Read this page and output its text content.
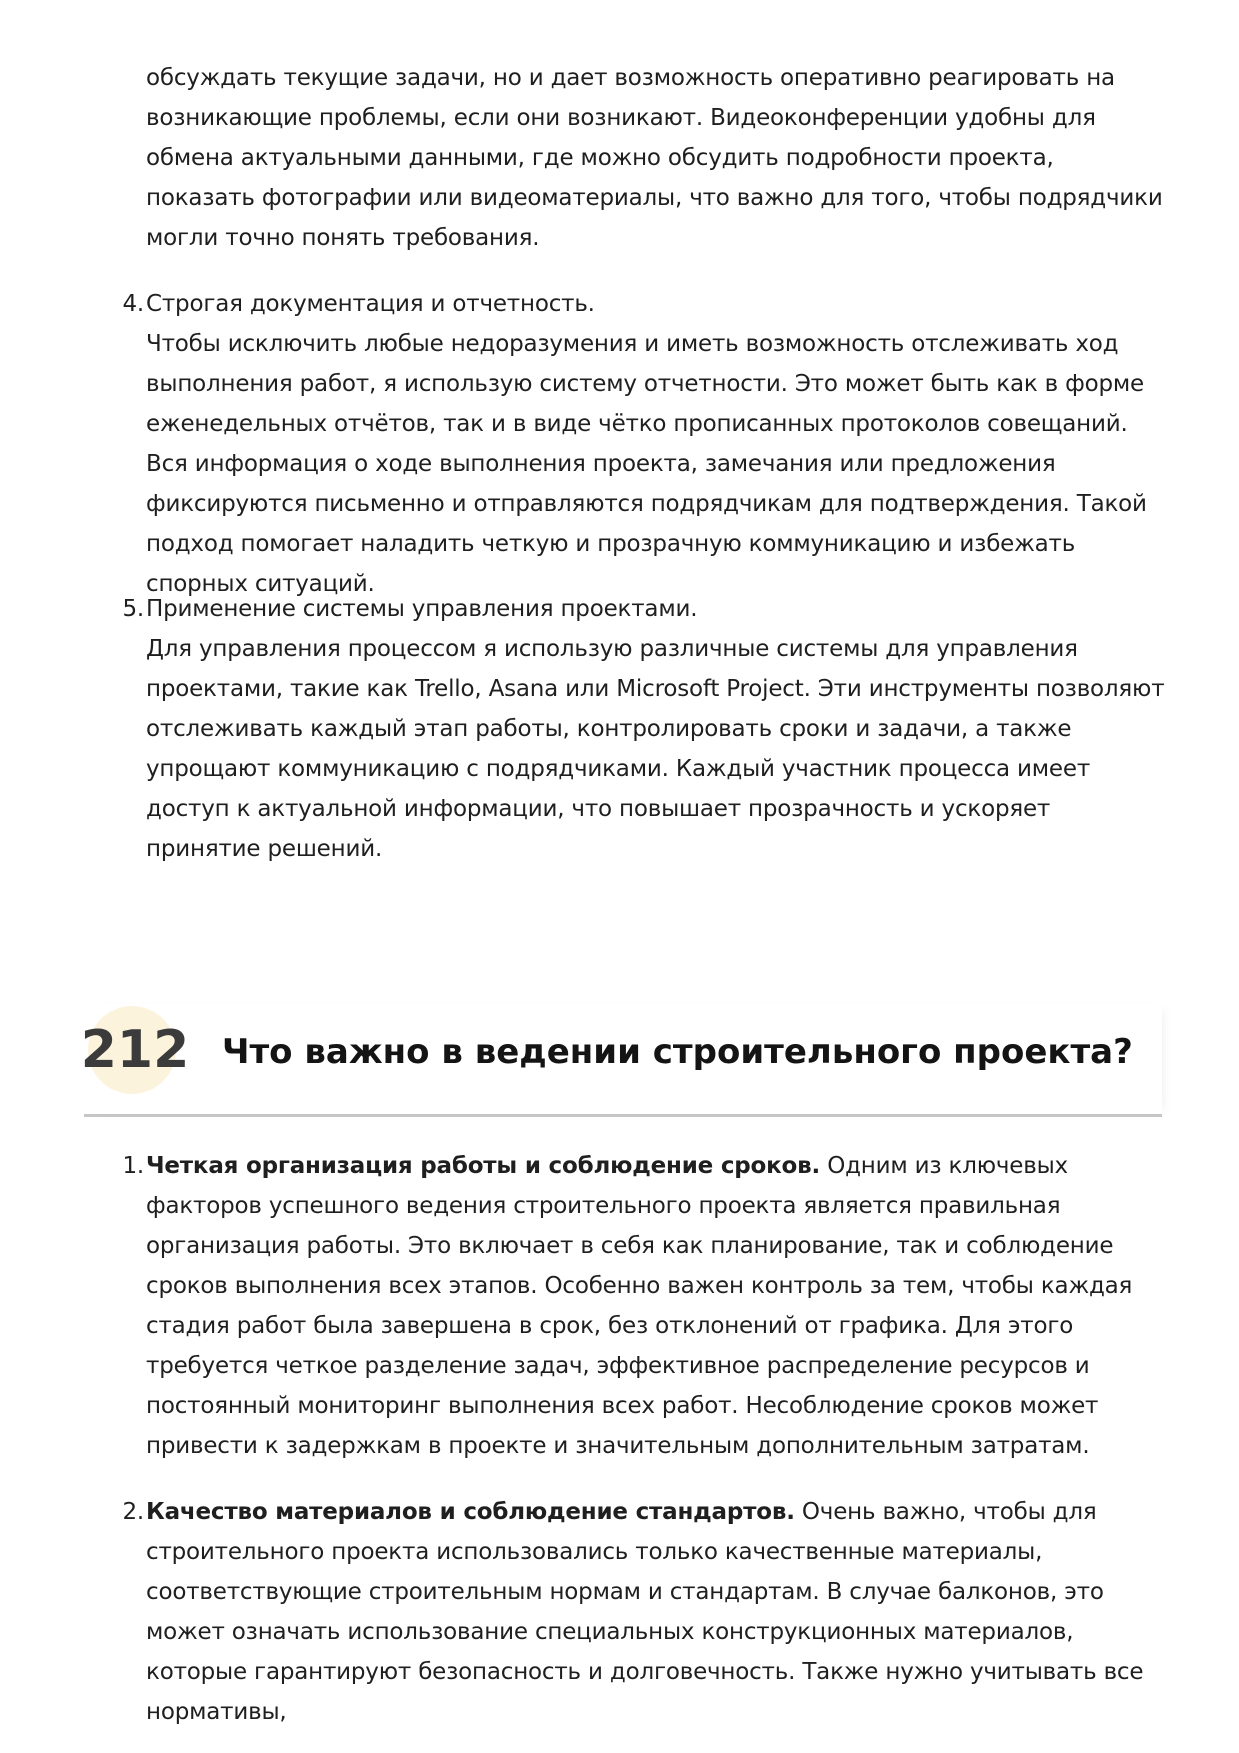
обсуждать текущие задачи, но и дает возможность оперативно реагировать на возникающие проблемы, если они возникают. Видеоконференции удобны для обмена актуальными данными, где можно обсудить подробности проекта, показать фотографии или видеоматериалы, что важно для того, чтобы подрядчики могли точно понять требования.
4. Строгая документация и отчетность.
Чтобы исключить любые недоразумения и иметь возможность отслеживать ход выполнения работ, я использую систему отчетности. Это может быть как в форме еженедельных отчётов, так и в виде чётко прописанных протоколов совещаний. Вся информация о ходе выполнения проекта, замечания или предложения фиксируются письменно и отправляются подрядчикам для подтверждения. Такой подход помогает наладить четкую и прозрачную коммуникацию и избежать спорных ситуаций.
5. Применение системы управления проектами.
Для управления процессом я использую различные системы для управления проектами, такие как Trello, Asana или Microsoft Project. Эти инструменты позволяют отслеживать каждый этап работы, контролировать сроки и задачи, а также упрощают коммуникацию с подрядчиками. Каждый участник процесса имеет доступ к актуальной информации, что повышает прозрачность и ускоряет принятие решений.
212 Что важно в ведении строительного проекта?
1. Четкая организация работы и соблюдение сроков. Одним из ключевых факторов успешного ведения строительного проекта является правильная организация работы. Это включает в себя как планирование, так и соблюдение сроков выполнения всех этапов. Особенно важен контроль за тем, чтобы каждая стадия работ была завершена в срок, без отклонений от графика. Для этого требуется четкое разделение задач, эффективное распределение ресурсов и постоянный мониторинг выполнения всех работ. Несоблюдение сроков может привести к задержкам в проекте и значительным дополнительным затратам.
2. Качество материалов и соблюдение стандартов. Очень важно, чтобы для строительного проекта использовались только качественные материалы, соответствующие строительным нормам и стандартам. В случае балконов, это может означать использование специальных конструкционных материалов, которые гарантируют безопасность и долговечность. Также нужно учитывать все нормативы,
